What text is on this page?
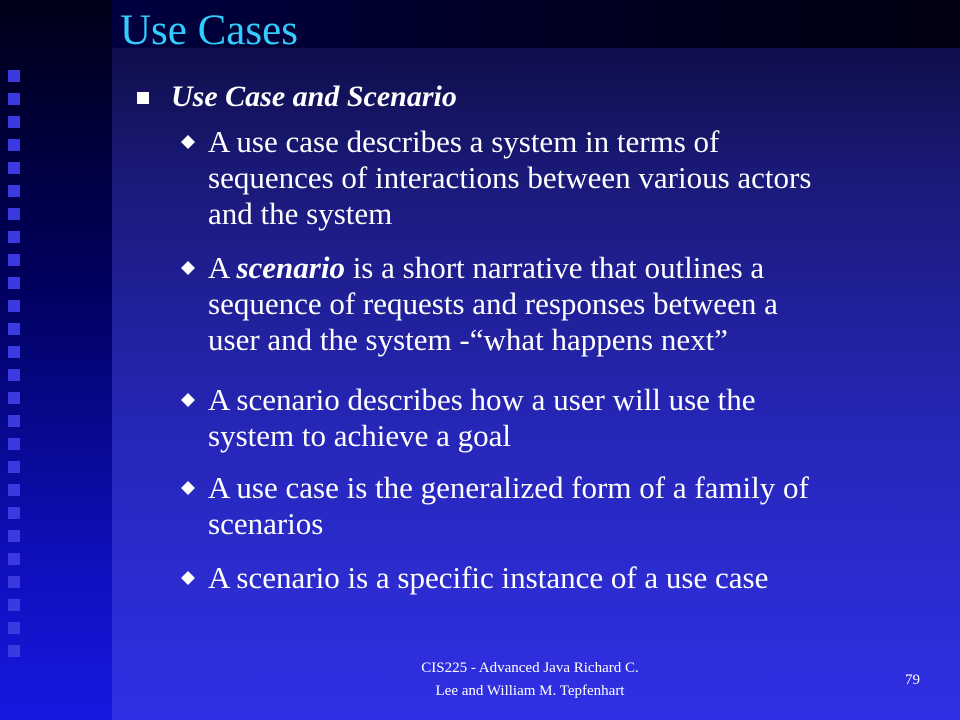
Use Cases
Use Case and Scenario
A use case describes a system in terms of
sequences of interactions between various actors
and the system
A scenario is a short narrative that outlines a
sequence of requests and responses between a
user and the system -“what happens next”
A scenario describes how a user will use the
system to achieve a goal
A use case is the generalized form of a family of
scenarios
A scenario is a specific instance of a use case
CIS225 - Advanced Java Richard C.
Lee and William M. Tepfenhart
79
